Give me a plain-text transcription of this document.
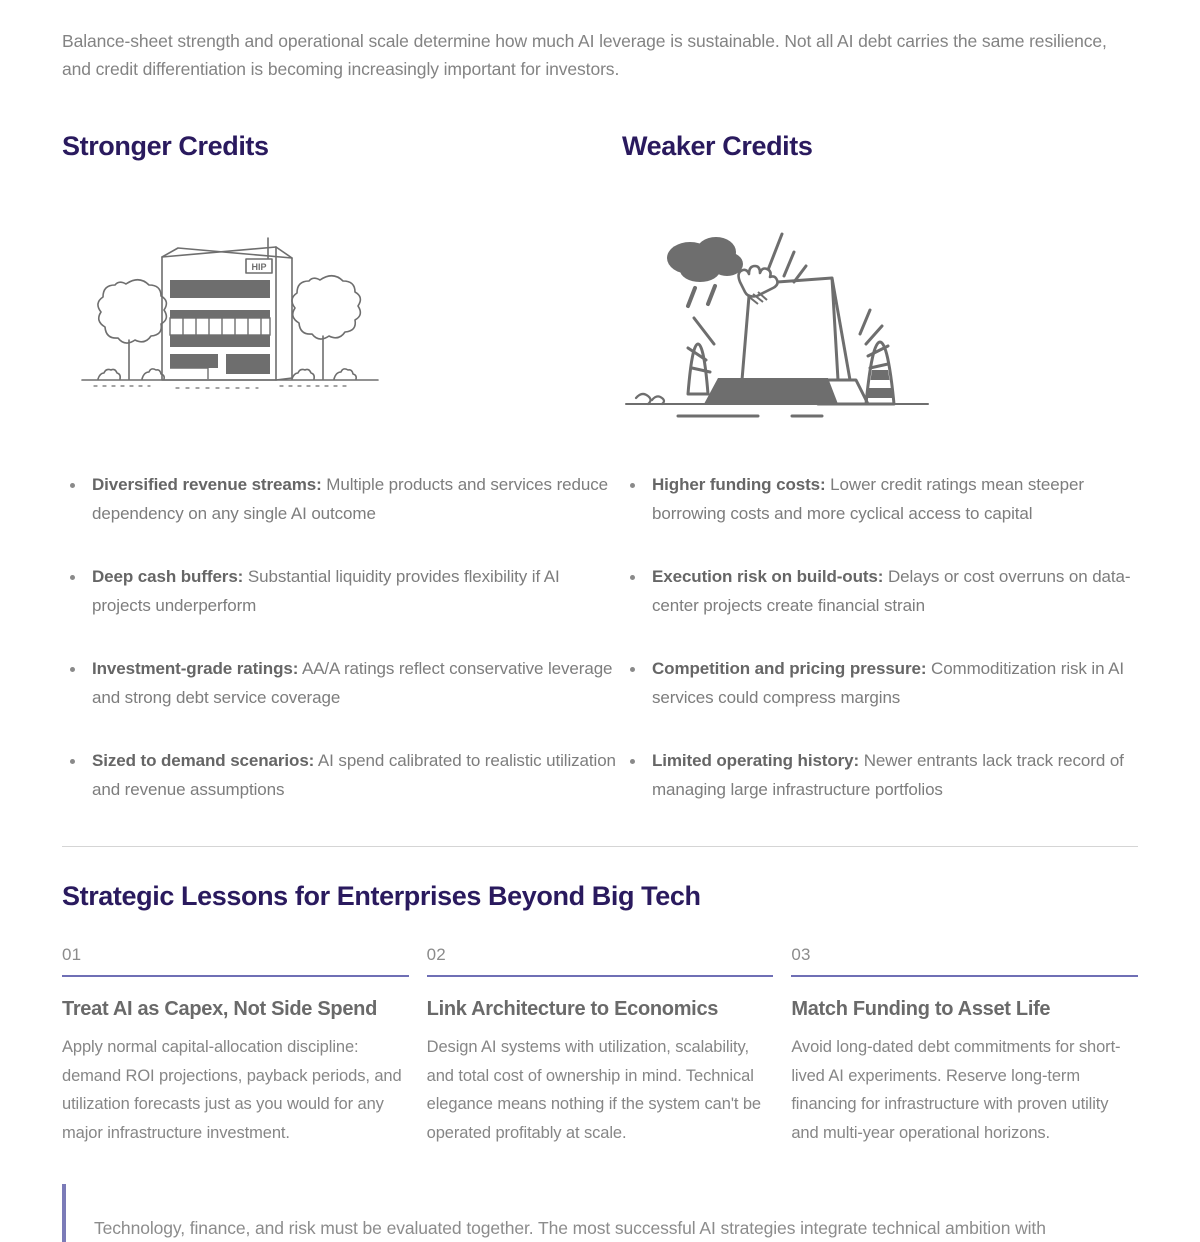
Balance-sheet strength and operational scale determine how much AI leverage is sustainable. Not all AI debt carries the same resilience, and credit differentiation is becoming increasingly important for investors.

Stronger Credits
HIP
Diversified revenue streams: Multiple products and services reduce dependency on any single AI outcome
Deep cash buffers: Substantial liquidity provides flexibility if AI projects underperform
Investment-grade ratings: AA/A ratings reflect conservative leverage and strong debt service coverage
Sized to demand scenarios: AI spend calibrated to realistic utilization and revenue assumptions
Weaker Credits
Higher funding costs: Lower credit ratings mean steeper borrowing costs and more cyclical access to capital
Execution risk on build-outs: Delays or cost overruns on data-center projects create financial strain
Competition and pricing pressure: Commoditization risk in AI services could compress margins
Limited operating history: Newer entrants lack track record of managing large infrastructure portfolios
Strategic Lessons for Enterprises Beyond Big Tech
01
Treat AI as Capex, Not Side Spend

Apply normal capital-allocation discipline: demand ROI projections, payback periods, and utilization forecasts just as you would for any major infrastructure investment.

02
Link Architecture to Economics

Design AI systems with utilization, scalability, and total cost of ownership in mind. Technical elegance means nothing if the system can't be operated profitably at scale.

03
Match Funding to Asset Life

Avoid long-dated debt commitments for short-lived AI experiments. Reserve long-term financing for infrastructure with proven utility and multi-year operational horizons.

Technology, finance, and risk must be evaluated together. The most successful AI strategies integrate technical ambition with
